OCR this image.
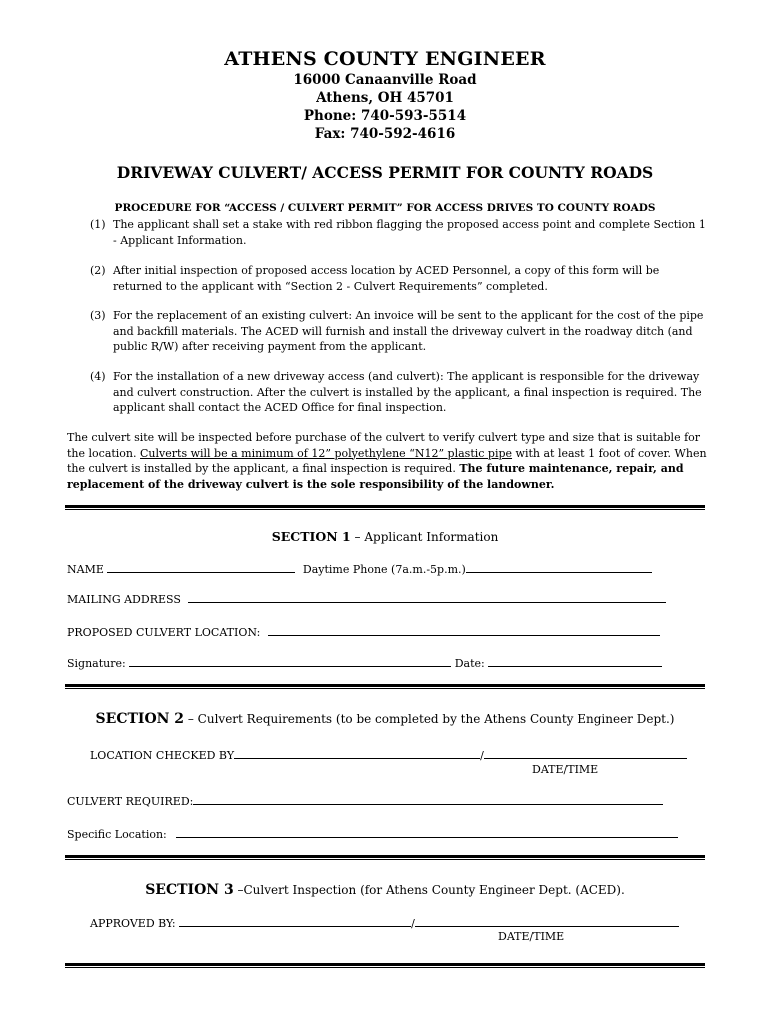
ATHENS COUNTY ENGINEER
16000 Canaanville Road
Athens, OH 45701
Phone: 740-593-5514
Fax: 740-592-4616
DRIVEWAY CULVERT/ ACCESS PERMIT FOR COUNTY ROADS
PROCEDURE FOR “ACCESS / CULVERT PERMIT” FOR ACCESS DRIVES TO COUNTY ROADS
(1) The applicant shall set a stake with red ribbon flagging the proposed access point and complete Section 1 - Applicant Information.
(2) After initial inspection of proposed access location by ACED Personnel, a copy of this form will be returned to the applicant with “Section 2 - Culvert Requirements” completed.
(3) For the replacement of an existing culvert: An invoice will be sent to the applicant for the cost of the pipe and backfill materials. The ACED will furnish and install the driveway culvert in the roadway ditch (and public R/W) after receiving payment from the applicant.
(4) For the installation of a new driveway access (and culvert): The applicant is responsible for the driveway and culvert construction. After the culvert is installed by the applicant, a final inspection is required. The applicant shall contact the ACED Office for final inspection.
The culvert site will be inspected before purchase of the culvert to verify culvert type and size that is suitable for the location. Culverts will be a minimum of 12” polyethylene “N12” plastic pipe with at least 1 foot of cover. When the culvert is installed by the applicant, a final inspection is required. The future maintenance, repair, and replacement of the driveway culvert is the sole responsibility of the landowner.
SECTION 1 – Applicant Information
NAME	Daytime Phone (7a.m.-5p.m.)
MAILING ADDRESS
PROPOSED CULVERT LOCATION:
Signature:	Date:
SECTION 2 – Culvert Requirements (to be completed by the Athens County Engineer Dept.)
LOCATION CHECKED BY	/
DATE/TIME
CULVERT REQUIRED:
Specific Location:
SECTION 3 –Culvert Inspection (for Athens County Engineer Dept. (ACED).
APPROVED BY:	/
DATE/TIME
